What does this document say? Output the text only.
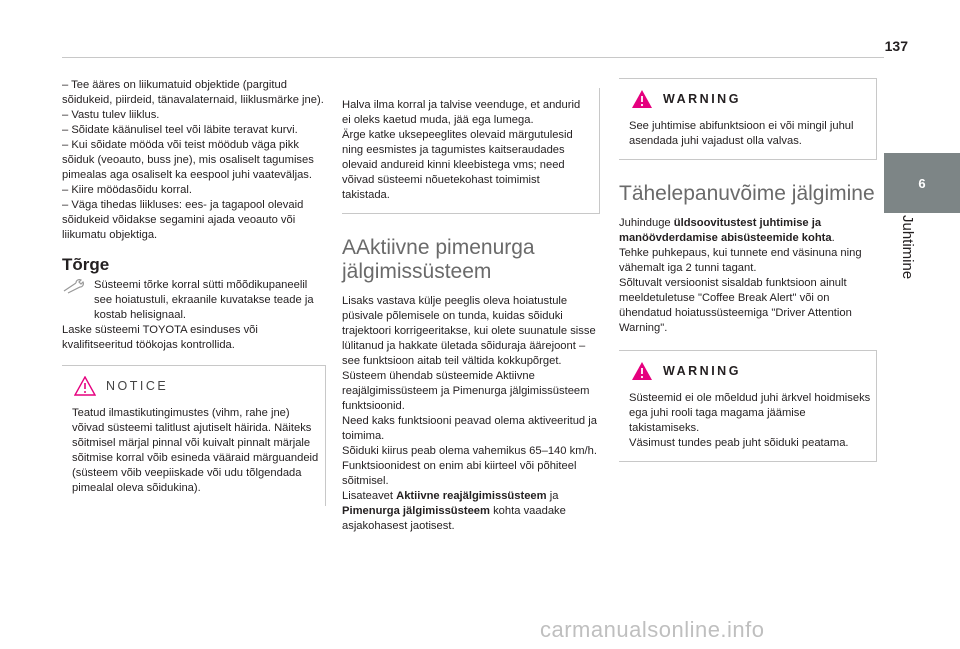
137
6
Juhtimine
– Tee ääres on liikumatuid objektide (pargitud sõidukeid, piirdeid, tänavalaternaid, liiklusmärke jne).
– Vastu tulev liiklus.
– Sõidate käänulisel teel või läbite teravat kurvi.
– Kui sõidate mööda või teist möödub väga pikk sõiduk (veoauto, buss jne), mis osaliselt tagumises pimealas aga osaliselt ka eespool juhi vaateväljas.
– Kiire möödasõidu korral.
– Väga tihedas liikluses: ees- ja tagapool olevaid sõidukeid võidakse segamini ajada veoauto või liikumatu objektiga.
Tõrge

Süsteemi tõrke korral sütti mõõdikupaneelil see hoiatustuli, ekraanile kuvatakse teade ja kostab helisignaal.

Laske süsteemi TOYOTA esinduses või kvalifitseeritud töökojas kontrollida.

NOTICE

Teatud ilmastikutingimustes (vihm, rahe jne) võivad süsteemi talitlust ajutiselt häirida. Näiteks sõitmisel märjal pinnal või kuivalt pinnalt märjale sõitmise korral võib esineda vääraid märguandeid (süsteem võib veepiiskade või udu tõlgendada pimealal oleva sõidukina).

Halva ilma korral ja talvise veenduge, et andurid ei oleks kaetud muda, jää ega lumega.

Ärge katke uksepeeglites olevaid märgutulesid ning eesmistes ja tagumistes kaitseraudades olevaid andureid kinni kleebistega vms; need võivad süsteemi nõuetekohast toimimist takistada.

AAktiivne pimenurga jälgimissüsteem

Lisaks vastava külje peeglis oleva hoiatustule püsivale põlemisele on tunda, kuidas sõiduki trajektoori korrigeeritakse, kui olete suunatule sisse lülitanud ja hakkate ületada sõiduraja äärejoont – see funktsioon aitab teil vältida kokkupõrget.

Süsteem ühendab süsteemide Aktiivne reajälgimissüsteem ja Pimenurga jälgimissüsteem funktsioonid.

Need kaks funktsiooni peavad olema aktiveeritud ja toimima.

Sõiduki kiirus peab olema vahemikus 65–140 km/h.

Funktsioonidest on enim abi kiirteel või põhiteel sõitmisel.

Lisateavet Aktiivne reajälgimissüsteem ja Pimenurga jälgimissüsteem kohta vaadake asjakohasest jaotisest.

WARNING

See juhtimise abifunktsioon ei või mingil juhul asendada juhi vajadust olla valvas.

Tähelepanuvõime jälgimine

Juhinduge üldsoovitustest juhtimise ja manöövderdamise abisüsteemide kohta.

Tehke puhkepaus, kui tunnete end väsinuna ning vähemalt iga 2 tunni tagant.

Sõltuvalt versioonist sisaldab funktsioon ainult meeldetuletuse "Coffee Break Alert" või on ühendatud hoiatussüsteemiga "Driver Attention Warning".

WARNING

Süsteemid ei ole mõeldud juhi ärkvel hoidmiseks ega juhi rooli taga magama jäämise takistamiseks.

Väsimust tundes peab juht sõiduki peatama.

carmanualsonline.info
